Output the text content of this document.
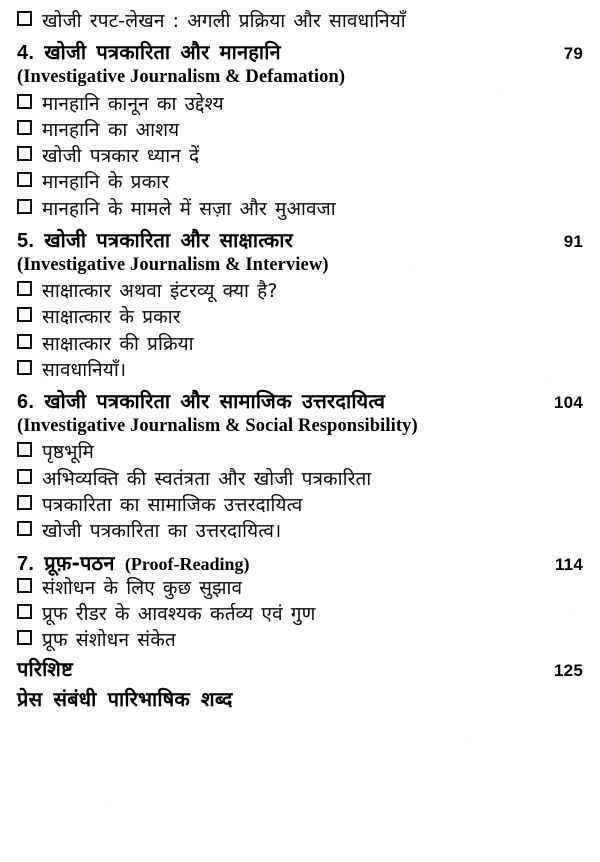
खोजी रपट-लेखन : अगली प्रक्रिया और सावधानियाँ
4. खोजी पत्रकारिता और मानहानि	79
(Investigative Journalism & Defamation)
मानहानि कानून का उद्देश्य
मानहानि का आशय
खोजी पत्रकार ध्यान दें
मानहानि के प्रकार
मानहानि के मामले में सज़ा और मुआवजा
5. खोजी पत्रकारिता और साक्षात्कार	91
(Investigative Journalism & Interview)
साक्षात्कार अथवा इंटरव्यू क्या है?
साक्षात्कार के प्रकार
साक्षात्कार की प्रक्रिया
सावधानियाँ।
6. खोजी पत्रकारिता और सामाजिक उत्तरदायित्व	104
(Investigative Journalism & Social Responsibility)
पृष्ठभूमि
अभिव्यक्ति की स्वतंत्रता और खोजी पत्रकारिता
पत्रकारिता का सामाजिक उत्तरदायित्व
खोजी पत्रकारिता का उत्तरदायित्व।
7. प्रूफ़-पठन (Proof-Reading)	114
संशोधन के लिए कुछ सुझाव
प्रूफ रीडर के आवश्यक कर्तव्य एवं गुण
प्रूफ संशोधन संकेत
परिशिष्ट	125
प्रेस संबंधी पारिभाषिक शब्द
